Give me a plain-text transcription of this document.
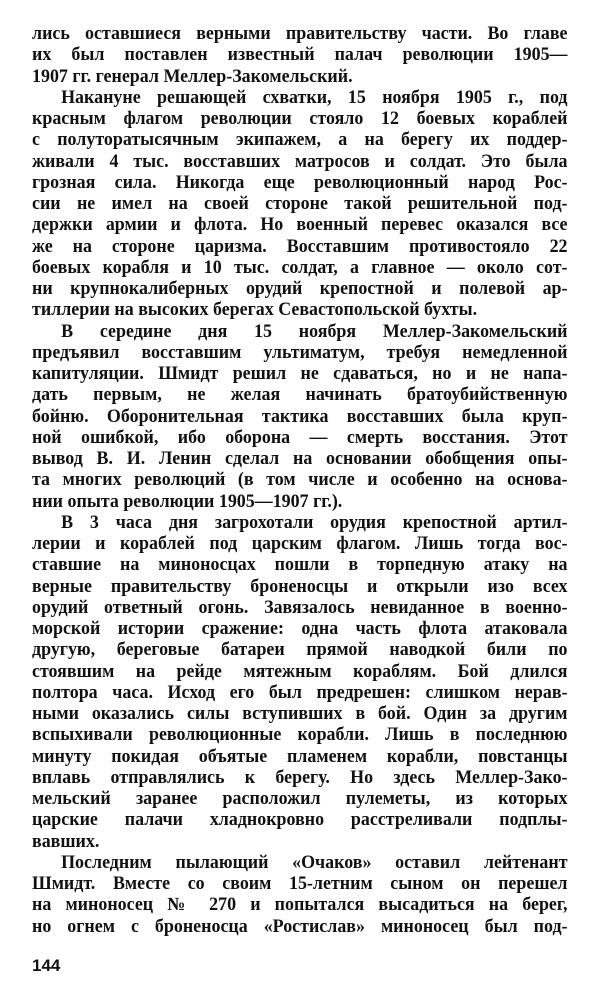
лись оставшиеся верными правительству части. Во главе
их был поставлен известный палач революции 1905—
1907 гг. генерал Меллер-Закомельский.
Накануне решающей схватки, 15 ноября 1905 г., под
красным флагом революции стояло 12 боевых кораблей
с полуторатысячным экипажем, а на берегу их поддер-
живали 4 тыс. восставших матросов и солдат. Это была
грозная сила. Никогда еще революционный народ Рос-
сии не имел на своей стороне такой решительной под-
держки армии и флота. Но военный перевес оказался все
же на стороне царизма. Восставшим противостояло 22
боевых корабля и 10 тыс. солдат, а главное — около сот-
ни крупнокалиберных орудий крепостной и полевой ар-
тиллерии на высоких берегах Севастопольской бухты.
В середине дня 15 ноября Меллер-Закомельский
предъявил восставшим ультиматум, требуя немедленной
капитуляции. Шмидт решил не сдаваться, но и не напа-
дать первым, не желая начинать братоубийственную
бойню. Оборонительная тактика восставших была круп-
ной ошибкой, ибо оборона — смерть восстания. Этот
вывод В. И. Ленин сделал на основании обобщения опы-
та многих революций (в том числе и особенно на основа-
нии опыта революции 1905—1907 гг.).
В 3 часа дня загрохотали орудия крепостной артил-
лерии и кораблей под царским флагом. Лишь тогда вос-
ставшие на миноносцах пошли в торпедную атаку на
верные правительству броненосцы и открыли изо всех
орудий ответный огонь. Завязалось невиданное в военно-
морской истории сражение: одна часть флота атаковала
другую, береговые батареи прямой наводкой били по
стоявшим на рейде мятежным кораблям. Бой длился
полтора часа. Исход его был предрешен: слишком нерав-
ными оказались силы вступивших в бой. Один за другим
вспыхивали революционные корабли. Лишь в последнюю
минуту покидая объятые пламенем корабли, повстанцы
вплавь отправлялись к берегу. Но здесь Меллер-Зако-
мельский заранее расположил пулеметы, из которых
царские палачи хладнокровно расстреливали подплы-
вавших.
Последним пылающий «Очаков» оставил лейтенант
Шмидт. Вместе со своим 15-летним сыном он перешел
на миноносец № 270 и попытался высадиться на берег,
но огнем с броненосца «Ростислав» миноносец был под-
144
